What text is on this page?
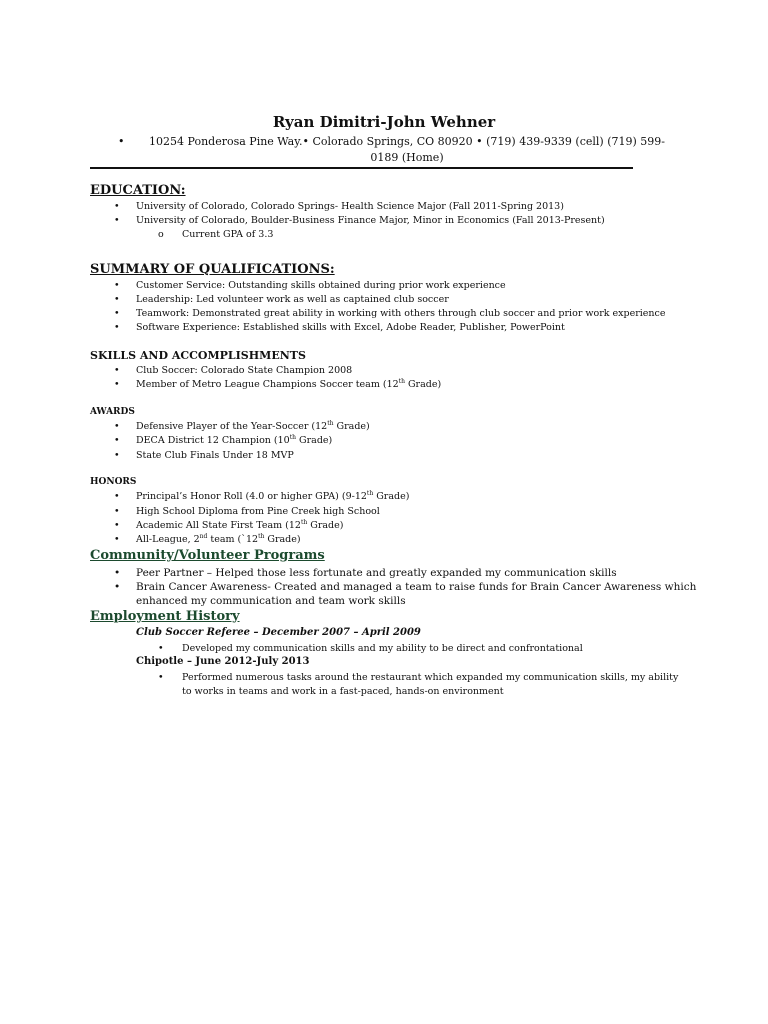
Ryan Dimitri-John Wehner
•	10254 Ponderosa Pine Way.• Colorado Springs, CO 80920 • (719) 439-9339 (cell) (719) 599-0189 (Home)
EDUCATION:
• University of Colorado, Colorado Springs- Health Science Major (Fall 2011-Spring 2013)
• University of Colorado, Boulder-Business Finance Major, Minor in Economics (Fall 2013-Present)
o Current GPA of 3.3
SUMMARY OF QUALIFICATIONS:
• Customer Service: Outstanding skills obtained during prior work experience
• Leadership: Led volunteer work as well as captained club soccer
• Teamwork: Demonstrated great ability in working with others through club soccer and prior work experience
• Software Experience: Established skills with Excel, Adobe Reader, Publisher, PowerPoint
SKILLS AND ACCOMPLISHMENTS
• Club Soccer: Colorado State Champion 2008
• Member of Metro League Champions Soccer team (12th Grade)
AWARDS
• Defensive Player of the Year-Soccer (12th Grade)
• DECA District 12 Champion (10th Grade)
• State Club Finals Under 18 MVP
HONORS
• Principal’s Honor Roll (4.0 or higher GPA) (9-12th Grade)
• High School Diploma from Pine Creek high School
• Academic All State First Team (12th Grade)
• All-League, 2nd team (`12th Grade)
Community/Volunteer Programs
• Peer Partner – Helped those less fortunate and greatly expanded my communication skills
• Brain Cancer Awareness- Created and managed a team to raise funds for Brain Cancer Awareness which
enhanced my communication and team work skills
Employment History
Club Soccer Referee – December 2007 – April 2009
• Developed my communication skills and my ability to be direct and confrontational
Chipotle – June 2012-July 2013
• Performed numerous tasks around the restaurant which expanded my communication skills, my ability
to works in teams and work in a fast-paced, hands-on environment
